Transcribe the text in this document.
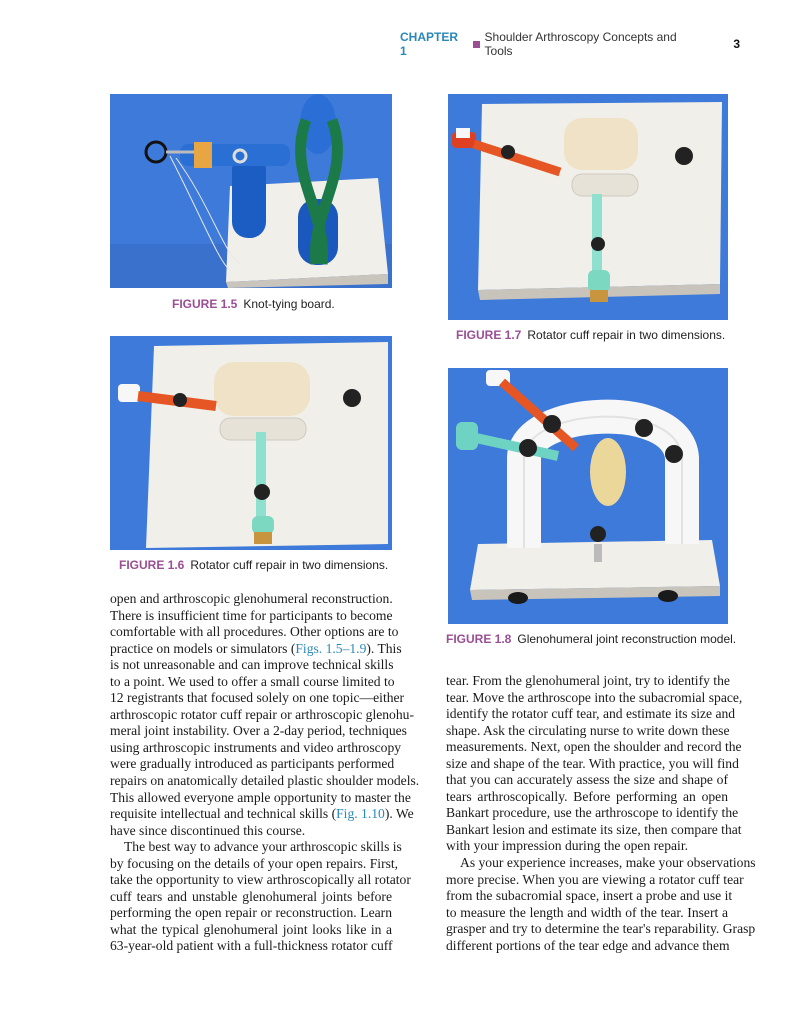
CHAPTER 1
Shoulder Arthroscopy Concepts and Tools	3
FIGURE 1.5 Knot-tying board.
FIGURE 1.7 Rotator cuff repair in two dimensions.
FIGURE 1.6 Rotator cuff repair in two dimensions.
FIGURE 1.8 Glenohumeral joint reconstruction model.

open and arthroscopic glenohumeral reconstruction.
There is insufficient time for participants to become
comfortable with all procedures. Other options are to
practice on models or simulators (Figs. 1.5–1.9). This
is not unreasonable and can improve technical skills
to a point. We used to offer a small course limited to
12 registrants that focused solely on one topic—either
arthroscopic rotator cuff repair or arthroscopic glenohu-
meral joint instability. Over a 2-day period, techniques
using arthroscopic instruments and video arthroscopy
were gradually introduced as participants performed
repairs on anatomically detailed plastic shoulder models.
This allowed everyone ample opportunity to master the
requisite intellectual and technical skills (Fig. 1.10). We
have since discontinued this course.

The best way to advance your arthroscopic skills is
by focusing on the details of your open repairs. First,
take the opportunity to view arthroscopically all rotator
cuff tears and unstable glenohumeral joints before
performing the open repair or reconstruction. Learn
what the typical glenohumeral joint looks like in a
63-year-old patient with a full-thickness rotator cuff

tear. From the glenohumeral joint, try to identify the
tear. Move the arthroscope into the subacromial space,
identify the rotator cuff tear, and estimate its size and
shape. Ask the circulating nurse to write down these
measurements. Next, open the shoulder and record the
size and shape of the tear. With practice, you will find
that you can accurately assess the size and shape of
tears arthroscopically. Before performing an open
Bankart procedure, use the arthroscope to identify the
Bankart lesion and estimate its size, then compare that
with your impression during the open repair.

As your experience increases, make your observations
more precise. When you are viewing a rotator cuff tear
from the subacromial space, insert a probe and use it
to measure the length and width of the tear. Insert a
grasper and try to determine the tear's reparability. Grasp
different portions of the tear edge and advance them
